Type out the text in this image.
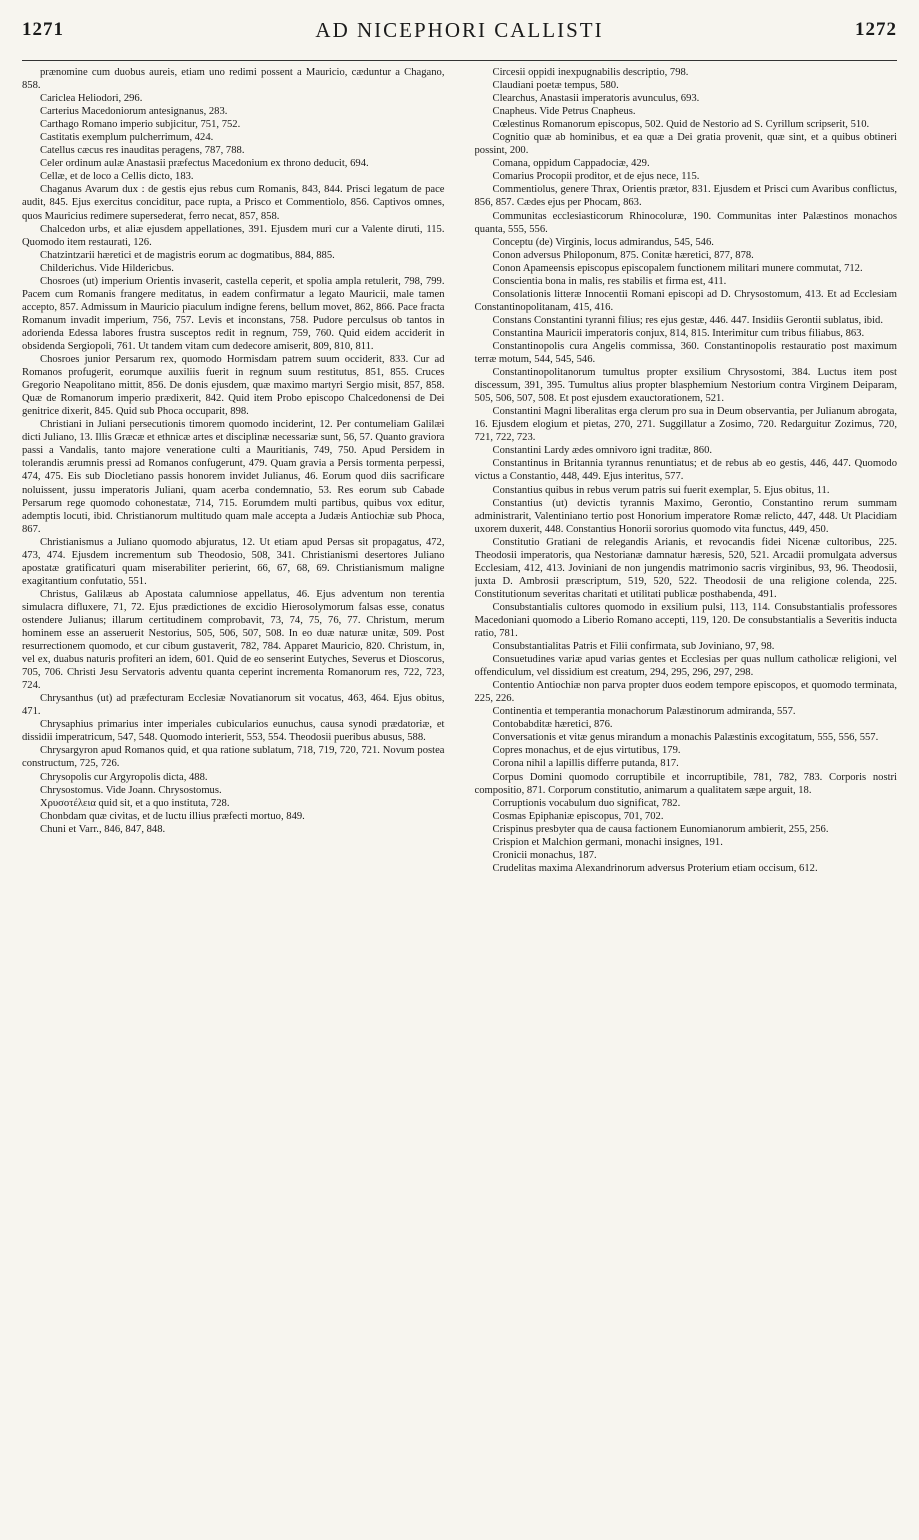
1271	AD NICEPHORI CALLISTI	1272

prænomine cum duobus aureis, etiam uno redimi possent a Mauricio, cæduntur a Chagano, 858.

Cariclea Heliodori, 296.

Carterius Macedoniorum antesignanus, 283.

Carthago Romano imperio subjicitur, 751, 752.

Castitatis exemplum pulcherrimum, 424.

Catellus cæcus res inauditas peragens, 787, 788.

Celer ordinum aulæ Anastasii præfectus Macedonium ex throno deducit, 694.

Cellæ, et de loco a Cellis dicto, 183.

Chaganus Avarum dux : de gestis ejus rebus cum Romanis, 843, 844. Prisci legatum de pace audit, 845. Ejus exercitus conciditur, pace rupta, a Prisco et Commentiolo, 856. Captivos omnes, quos Mauricius redimere supersederat, ferro necat, 857, 858.

Chalcedon urbs, et aliæ ejusdem appellationes, 391. Ejusdem muri cur a Valente diruti, 115. Quomodo item restaurati, 126.

Chatzintzarii hæretici et de magistris eorum ac dogmatibus, 884, 885.

Childerichus. Vide Hildericbus.

Chosroes (ut) imperium Orientis invaserit, castella ceperit, et spolia ampla retulerit, 798, 799. Pacem cum Romanis frangere meditatus, in eadem confirmatur a legato Mauricii, male tamen accepto, 857. Admissum in Mauricio piaculum indigne ferens, bellum movet, 862, 866. Pace fracta Romanum invadit imperium, 756, 757. Levis et inconstans, 758. Pudore perculsus ob tantos in adorienda Edessa labores frustra susceptos redit in regnum, 759, 760. Quid eidem acciderit in obsidenda Sergiopoli, 761. Ut tandem vitam cum dedecore amiserit, 809, 810, 811.

Chosroes junior Persarum rex, quomodo Hormisdam patrem suum occiderit, 833. Cur ad Romanos profugerit, eorumque auxiliis fuerit in regnum suum restitutus, 851, 855. Cruces Gregorio Neapolitano mittit, 856. De donis ejusdem, quæ maximo martyri Sergio misit, 857, 858. Quæ de Romanorum imperio prædixerit, 842. Quid item Probo episcopo Chalcedonensi de Dei genitrice dixerit, 845. Quid sub Phoca occuparit, 898.

Christiani in Juliani persecutionis timorem quomodo inciderint, 12. Per contumeliam Galilæi dicti Juliano, 13. Illis Græcæ et ethnicæ artes et disciplinæ necessariæ sunt, 56, 57. Quanto graviora passi a Vandalis, tanto majore veneratione culti a Mauritianis, 749, 750. Apud Persidem in tolerandis ærumnis pressi ad Romanos confugerunt, 479. Quam gravia a Persis tormenta perpessi, 474, 475. Eis sub Diocletiano passis honorem invidet Julianus, 46. Eorum quod diis sacrificare noluissent, jussu imperatoris Juliani, quam acerba condemnatio, 53. Res eorum sub Cabade Persarum rege quomodo cohonestatæ, 714, 715. Eorumdem multi partibus, quibus vox editur, ademptis locuti, ibid. Christianorum multitudo quam male accepta a Judæis Antiochiæ sub Phoca, 867.

Christianismus a Juliano quomodo abjuratus, 12. Ut etiam apud Persas sit propagatus, 472, 473, 474. Ejusdem incrementum sub Theodosio, 508, 341. Christianismi desertores Juliano apostatæ gratificaturi quam miserabiliter perierint, 66, 67, 68, 69. Christianismum maligne exagitantium confutatio, 551.

Christus, Galilæus ab Apostata calumniose appellatus, 46. Ejus adventum non terentia simulacra difluxere, 71, 72. Ejus prædictiones de excidio Hierosolymorum falsas esse, conatus ostendere Julianus; illarum certitudinem comprobavit, 73, 74, 75, 76, 77. Christum, merum hominem esse an asseruerit Nestorius, 505, 506, 507, 508. In eo duæ naturæ unitæ, 509. Post resurrectionem quomodo, et cur cibum gustaverit, 782, 784. Apparet Mauricio, 820. Christum, in, vel ex, duabus naturis profiteri an idem, 601. Quid de eo senserint Eutyches, Severus et Dioscorus, 705, 706. Christi Jesu Servatoris adventu quanta ceperint incrementa Romanorum res, 722, 723, 724.

Chrysanthus (ut) ad præfecturam Ecclesiæ Novatianorum sit vocatus, 463, 464. Ejus obitus, 471.

Chrysaphius primarius inter imperiales cubicularios eunuchus, causa synodi prædatoriæ, et dissidii imperatricum, 547, 548. Quomodo interierit, 553, 554. Theodosii pueribus abusus, 588.

Chrysargyron apud Romanos quid, et qua ratione sublatum, 718, 719, 720, 721. Novum postea constructum, 725, 726.

Chrysopolis cur Argyropolis dicta, 488.

Chrysostomus. Vide Joann. Chrysostomus.

Χρυσοτέλεια quid sit, et a quo instituta, 728.

Chonbdam quæ civitas, et de luctu illius præfecti mortuo, 849.

Chuni et Varr., 846, 847, 848.

Circesii oppidi inexpugnabilis descriptio, 798.

Claudiani poetæ tempus, 580.

Clearchus, Anastasii imperatoris avunculus, 693.

Cnapheus. Vide Petrus Cnapheus.

Cœlestinus Romanorum episcopus, 502. Quid de Nestorio ad S. Cyrillum scripserit, 510.

Cognitio quæ ab hominibus, et ea quæ a Dei gratia provenit, quæ sint, et a quibus obtineri possint, 200.

Comana, oppidum Cappadociæ, 429.

Comarius Procopii proditor, et de ejus nece, 115.

Commentiolus, genere Thrax, Orientis prætor, 831. Ejusdem et Prisci cum Avaribus conflictus, 856, 857. Cædes ejus per Phocam, 863.

Communitas ecclesiasticorum Rhinocoluræ, 190. Communitas inter Palæstinos monachos quanta, 555, 556.

Conceptu (de) Virginis, locus admirandus, 545, 546.

Conon adversus Philoponum, 875. Conitæ hæretici, 877, 878.

Conon Apameensis episcopus episcopalem functionem militari munere commutat, 712.

Conscientia bona in malis, res stabilis et firma est, 411.

Consolationis litteræ Innocentii Romani episcopi ad D. Chrysostomum, 413. Et ad Ecclesiam Constantinopolitanam, 415, 416.

Constans Constantini tyranni filius; res ejus gestæ, 446. 447. Insidiis Gerontii sublatus, ibid.

Constantina Mauricii imperatoris conjux, 814, 815. Interimitur cum tribus filiabus, 863.

Constantinopolis cura Angelis commissa, 360. Constantinopolis restauratio post maximum terræ motum, 544, 545, 546.

Constantinopolitanorum tumultus propter exsilium Chrysostomi, 384. Luctus item post discessum, 391, 395. Tumultus alius propter blasphemium Nestorium contra Virginem Deiparam, 505, 506, 507, 508. Et post ejusdem exauctorationem, 521.

Constantini Magni liberalitas erga clerum pro sua in Deum observantia, per Julianum abrogata, 16. Ejusdem elogium et pietas, 270, 271. Suggillatur a Zosimo, 720. Redarguitur Zozimus, 720, 721, 722, 723.

Constantini Lardy ædes omnivoro igni traditæ, 860.

Constantinus in Britannia tyrannus renuntiatus; et de rebus ab eo gestis, 446, 447. Quomodo victus a Constantio, 448, 449. Ejus interitus, 577.

Constantius quibus in rebus verum patris sui fuerit exemplar, 5. Ejus obitus, 11.

Constantius (ut) devictis tyrannis Maximo, Gerontio, Constantino rerum summam administrarit, Valentiniano tertio post Honorium imperatore Romæ relicto, 447, 448. Ut Placidiam uxorem duxerit, 448. Constantius Honorii sororius quomodo vita functus, 449, 450.

Constitutio Gratiani de relegandis Arianis, et revocandis fidei Nicenæ cultoribus, 225. Theodosii imperatoris, qua Nestorianæ damnatur hæresis, 520, 521. Arcadii promulgata adversus Ecclesiam, 412, 413. Joviniani de non jungendis matrimonio sacris virginibus, 93, 96. Theodosii, juxta D. Ambrosii præscriptum, 519, 520, 522. Theodosii de una religione colenda, 225. Constitutionum severitas charitati et utilitati publicæ posthabenda, 491.

Consubstantialis cultores quomodo in exsilium pulsi, 113, 114. Consubstantialis professores Macedoniani quomodo a Liberio Romano accepti, 119, 120. De consubstantialis a Severitis inducta ratio, 781.

Consubstantialitas Patris et Filii confirmata, sub Joviniano, 97, 98.

Consuetudines variæ apud varias gentes et Ecclesias per quas nullum catholicæ religioni, vel offendiculum, vel dissidium est creatum, 294, 295, 296, 297, 298.

Contentio Antiochiæ non parva propter duos eodem tempore episcopos, et quomodo terminata, 225, 226.

Continentia et temperantia monachorum Palæstinorum admiranda, 557.

Contobabditæ hæretici, 876.

Conversationis et vitæ genus mirandum a monachis Palæstinis excogitatum, 555, 556, 557.

Copres monachus, et de ejus virtutibus, 179.

Corona nihil a lapillis differre putanda, 817.

Corpus Domini quomodo corruptibile et incorruptibile, 781, 782, 783. Corporis nostri compositio, 871. Corporum constitutio, animarum a qualitatem sæpe arguit, 18.

Corruptionis vocabulum duo significat, 782.

Cosmas Epiphaniæ episcopus, 701, 702.

Crispinus presbyter qua de causa factionem Eunomianorum ambierit, 255, 256.

Crispion et Malchion germani, monachi insignes, 191.

Cronicii monachus, 187.

Crudelitas maxima Alexandrinorum adversus Proterium etiam occisum, 612.
